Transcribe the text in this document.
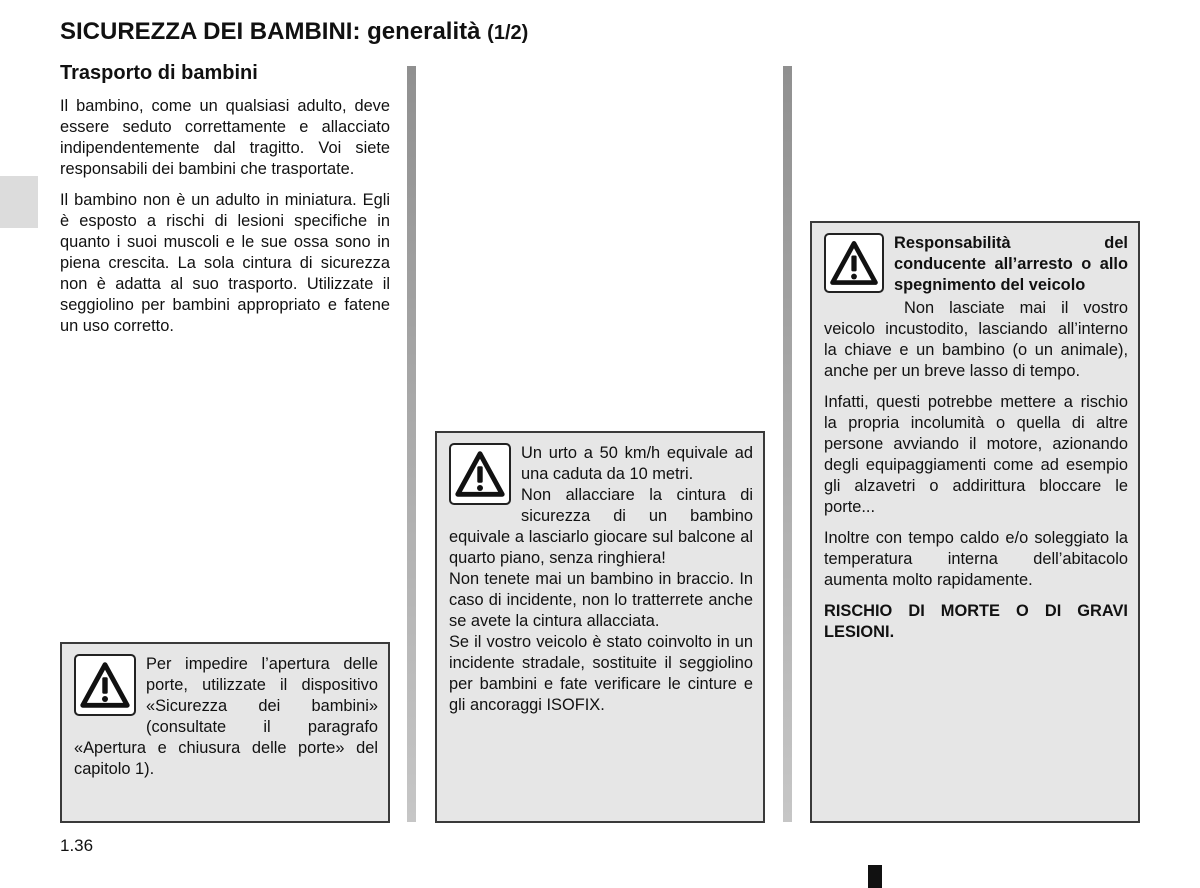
SICUREZZA DEI BAMBINI: generalità (1/2)
Trasporto di bambini

Il bambino, come un qualsiasi adulto, deve essere seduto correttamente e allacciato indipendentemente dal tragitto. Voi siete responsabili dei bambini che trasportate.

Il bambino non è un adulto in miniatura. Egli è esposto a rischi di lesioni specifiche in quanto i suoi muscoli e le sue ossa sono in piena crescita. La sola cintura di sicurezza non è adatta al suo trasporto. Utilizzate il seggiolino per bambini appropriato e fatene un uso corretto.

Per impedire l’apertura delle porte, utilizzate il dispositivo «Sicurezza dei bambini» (consultate il paragrafo «Apertura e chiusura delle porte» del capitolo 1).

Un urto a 50 km/h equivale ad una caduta da 10 metri.

Non allacciare la cintura di sicurezza di un bambino equivale a lasciarlo giocare sul balcone al quarto piano, senza ringhiera!

Non tenete mai un bambino in braccio. In caso di incidente, non lo tratterrete anche se avete la cintura allacciata.

Se il vostro veicolo è stato coinvolto in un incidente stradale, sostituite il seggiolino per bambini e fate verificare le cinture e gli ancoraggi ISOFIX.

Responsabilità del conducente all’arresto o allo spegnimento del veicolo

Non lasciate mai il vostro veicolo incustodito, lasciando all’interno la chiave e un bambino (o un animale), anche per un breve lasso di tempo.

Infatti, questi potrebbe mettere a rischio la propria incolumità o quella di altre persone avviando il motore, azionando degli equipaggiamenti come ad esempio gli alzavetri o addirittura bloccare le porte...

Inoltre con tempo caldo e/o soleggiato la temperatura interna dell’abitacolo aumenta molto rapidamente.

RISCHIO DI MORTE O DI GRAVI LESIONI.

1.36
